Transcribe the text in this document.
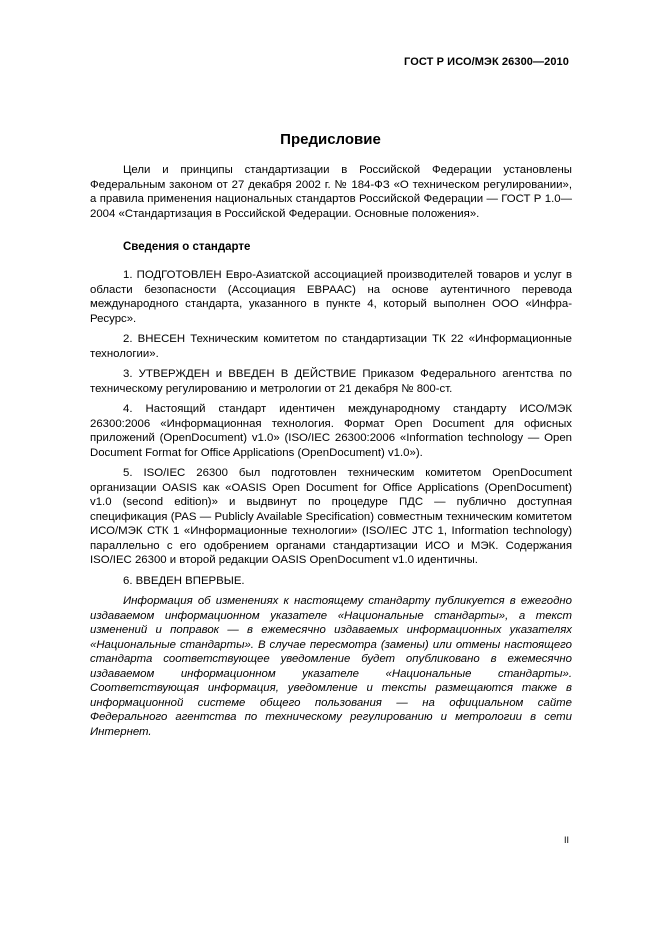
ГОСТ Р ИСО/МЭК 26300—2010
Предисловие

Цели и принципы стандартизации в Российской Федерации установлены Федеральным законом от 27 декабря 2002 г. № 184-ФЗ «О техническом регулировании», а правила применения национальных стандартов Российской Федерации — ГОСТ Р 1.0—2004 «Стандартизация в Российской Федерации. Основные положения».

Сведения о стандарте

1. ПОДГОТОВЛЕН Евро-Азиатской ассоциацией производителей товаров и услуг в области безопасности (Ассоциация ЕВРААС) на основе аутентичного перевода международного стандарта, указанного в пункте 4, который выполнен ООО «Инфра-Ресурс».

2. ВНЕСЕН Техническим комитетом по стандартизации ТК 22 «Информационные технологии».

3. УТВЕРЖДЕН и ВВЕДЕН В ДЕЙСТВИЕ Приказом Федерального агентства по техническому регулированию и метрологии от 21 декабря № 800-ст.

4. Настоящий стандарт идентичен международному стандарту ИСО/МЭК 26300:2006 «Информационная технология. Формат Open Document для офисных приложений (OpenDocument) v1.0» (ISO/IEC 26300:2006 «Information technology — Open Document Format for Office Applications (OpenDocument) v1.0»).

5. ISO/IEC 26300 был подготовлен техническим комитетом OpenDocument организации OASIS как «OASIS Open Document for Office Applications (OpenDocument) v1.0 (second edition)» и выдвинут по процедуре ПДС — публично доступная спецификация (PAS — Publicly Available Specification) совместным техническим комитетом ИСО/МЭК СТК 1 «Информационные технологии» (ISO/IEC JTC 1, Information technology) параллельно с его одобрением органами стандартизации ИСО и МЭК. Содержания ISO/IEC 26300 и второй редакции OASIS OpenDocument v1.0 идентичны.

6. ВВЕДЕН ВПЕРВЫЕ.

Информация об изменениях к настоящему стандарту публикуется в ежегодно издаваемом информационном указателе «Национальные стандарты», а текст изменений и поправок — в ежемесячно издаваемых информационных указателях «Национальные стандарты». В случае пересмотра (замены) или отмены настоящего стандарта соответствующее уведомление будет опубликовано в ежемесячно издаваемом информационном указателе «Национальные стандарты». Соответствующая информация, уведомление и тексты размещаются также в информационной системе общего пользования — на официальном сайте Федерального агентства по техническому регулированию и метрологии в сети Интернет.

II
